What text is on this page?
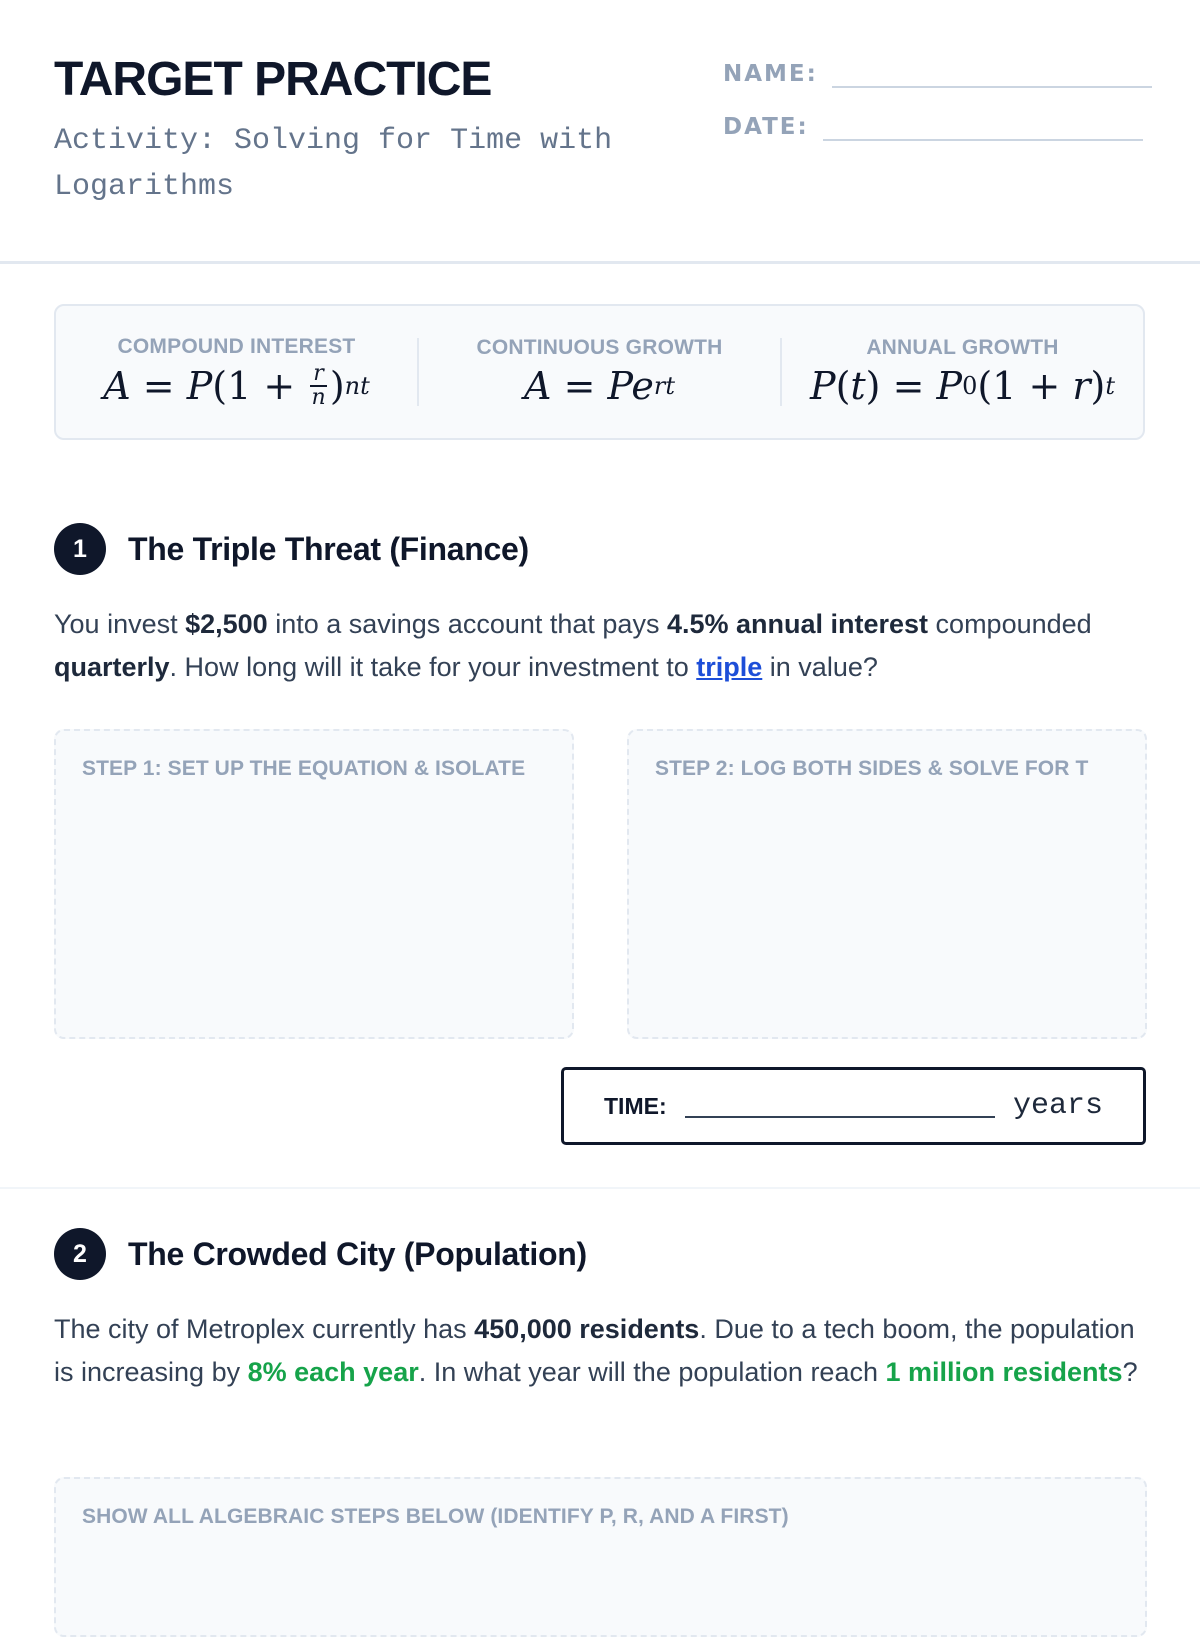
TARGET PRACTICE
Activity: Solving for Time with Logarithms
NAME:
DATE:
COMPOUND INTEREST
A = P ($1 + \frac{r}{n}$ ) nt
CONTINUOUS GROWTH
A = Pe rt
ANNUAL GROWTH
P ( t ) = P 0 (1 + r ) t
1	The Triple Threat (Finance)

You invest $2,500 into a savings account that pays 4.5% annual interest compounded quarterly. How long will it take for your investment to triple in value?

STEP 1: SET UP THE EQUATION & ISOLATE	STEP 2: LOG BOTH SIDES & SOLVE FOR T
TIME:	years
2	The Crowded City (Population)

The city of Metroplex currently has 450,000 residents. Due to a tech boom, the population is increasing by 8% each year. In what year will the population reach 1 million residents?

SHOW ALL ALGEBRAIC STEPS BELOW (IDENTIFY P, R, AND A FIRST)
